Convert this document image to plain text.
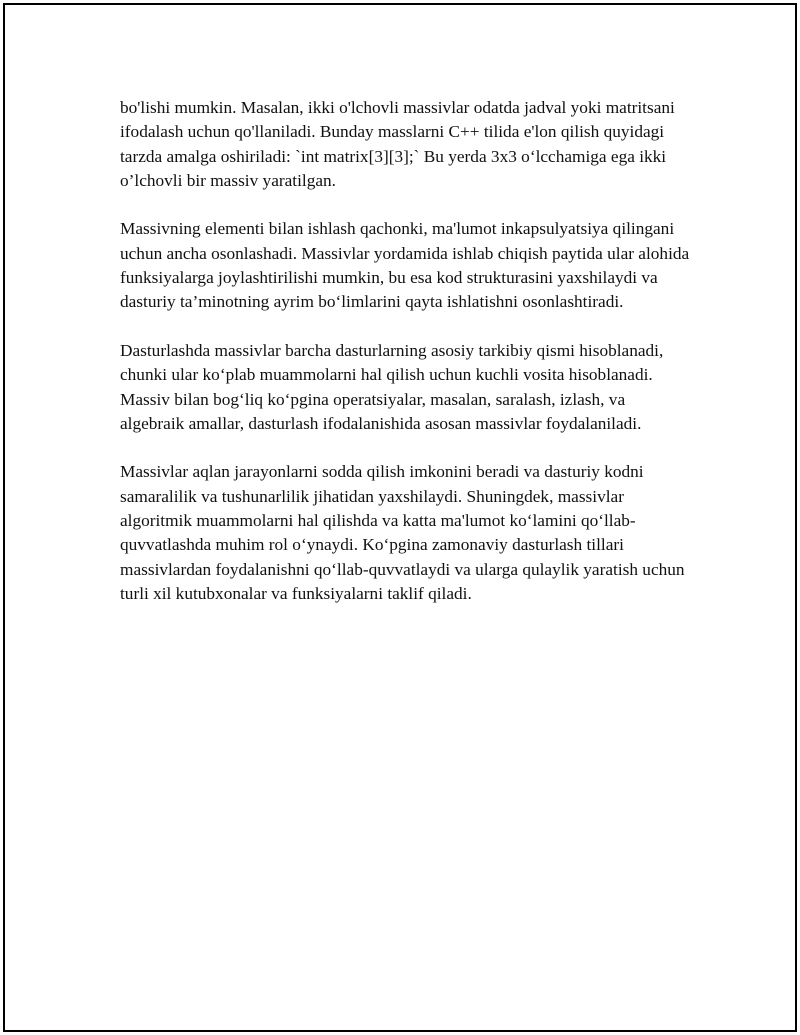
bo'lishi mumkin. Masalan, ikki o'lchovli massivlar odatda jadval yoki matritsani ifodalash uchun qo'llaniladi. Bunday masslarni C++ tilida e'lon qilish quyidagi tarzda amalga oshiriladi: `int matrix[3][3];` Bu yerda 3x3 o‘lcchamiga ega ikki o’lchovli bir massiv yaratilgan.

Massivning elementi bilan ishlash qachonki, ma'lumot inkapsulyatsiya qilingani uchun ancha osonlashadi. Massivlar yordamida ishlab chiqish paytida ular alohida funksiyalarga joylashtirilishi mumkin, bu esa kod strukturasini yaxshilaydi va dasturiy ta’minotning ayrim bo‘limlarini qayta ishlatishni osonlashtiradi.

Dasturlashda massivlar barcha dasturlarning asosiy tarkibiy qismi hisoblanadi, chunki ular ko‘plab muammolarni hal qilish uchun kuchli vosita hisoblanadi. Massiv bilan bog‘liq ko‘pgina operatsiyalar, masalan, saralash, izlash, va algebraik amallar, dasturlash ifodalanishida asosan massivlar foydalaniladi.

Massivlar aqlan jarayonlarni sodda qilish imkonini beradi va dasturiy kodni samaralilik va tushunarlilik jihatidan yaxshilaydi. Shuningdek, massivlar algoritmik muammolarni hal qilishda va katta ma'lumot ko‘lamini qo‘llab-quvvatlashda muhim rol o‘ynaydi. Ko‘pgina zamonaviy dasturlash tillari massivlardan foydalanishni qo‘llab-quvvatlaydi va ularga qulaylik yaratish uchun turli xil kutubxonalar va funksiyalarni taklif qiladi.
